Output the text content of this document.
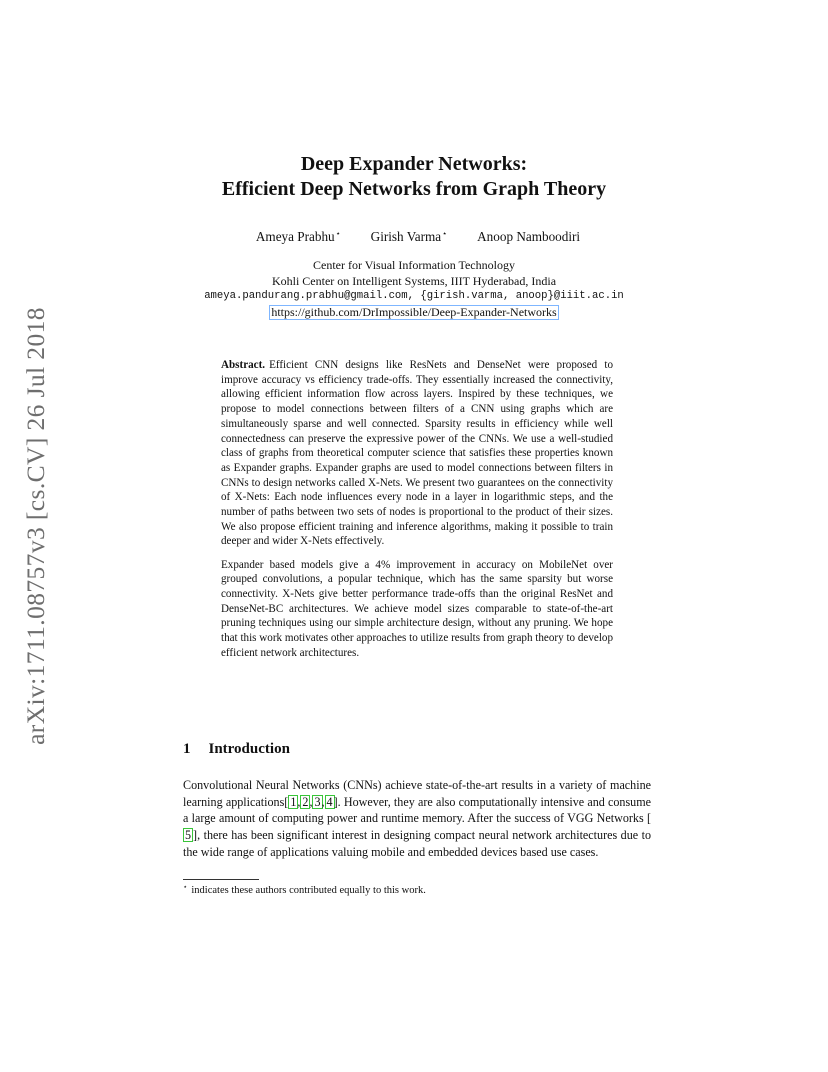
arXiv:1711.08757v3 [cs.CV] 26 Jul 2018
Deep Expander Networks:
Efficient Deep Networks from Graph Theory
Ameya Prabhu⋆ Girish Varma⋆ Anoop Namboodiri
Center for Visual Information Technology
Kohli Center on Intelligent Systems, IIIT Hyderabad, India
ameya.pandurang.prabhu@gmail.com, {girish.varma, anoop}@iiit.ac.in
https://github.com/DrImpossible/Deep-Expander-Networks

Abstract. Efficient CNN designs like ResNets and DenseNet were proposed to improve accuracy vs efficiency trade-offs. They essentially increased the connectivity, allowing efficient information flow across layers. Inspired by these techniques, we propose to model connections between filters of a CNN using graphs which are simultaneously sparse and well connected. Sparsity results in efficiency while well connectedness can preserve the expressive power of the CNNs. We use a well-studied class of graphs from theoretical computer science that satisfies these properties known as Expander graphs. Expander graphs are used to model connections between filters in CNNs to design networks called X-Nets. We present two guarantees on the connectivity of X-Nets: Each node influences every node in a layer in logarithmic steps, and the number of paths between two sets of nodes is proportional to the product of their sizes. We also propose efficient training and inference algorithms, making it possible to train deeper and wider X-Nets effectively.

Expander based models give a 4% improvement in accuracy on MobileNet over grouped convolutions, a popular technique, which has the same sparsity but worse connectivity. X-Nets give better performance trade-offs than the original ResNet and DenseNet-BC architectures. We achieve model sizes comparable to state-of-the-art pruning techniques using our simple architecture design, without any pruning. We hope that this work motivates other approaches to utilize results from graph theory to develop efficient network architectures.

1 Introduction

Convolutional Neural Networks (CNNs) achieve state-of-the-art results in a variety of machine learning applications[ 1, 2, 3, 4]. However, they are also computationally intensive and consume a large amount of computing power and runtime memory. After the success of VGG Networks [5 ], there has been significant interest in designing compact neural network architectures due to the wide range of applications valuing mobile and embedded devices based use cases.

⋆ indicates these authors contributed equally to this work.
